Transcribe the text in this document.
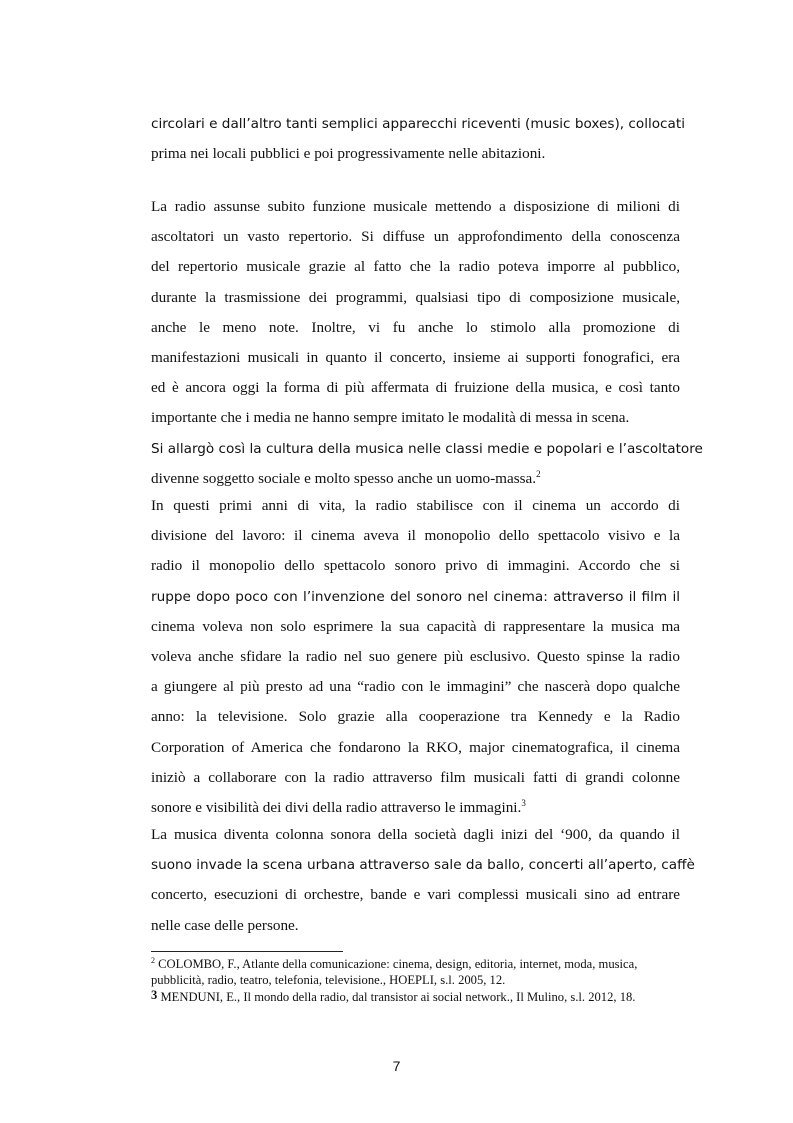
circolari e dall’altro tanti semplici apparecchi riceventi (music boxes), collocati
prima nei locali pubblici e poi progressivamente nelle abitazioni.
La radio assunse subito funzione musicale mettendo a disposizione di milioni di
ascoltatori un vasto repertorio. Si diffuse un approfondimento della conoscenza
del repertorio musicale grazie al fatto che la radio poteva imporre al pubblico,
durante la trasmissione dei programmi, qualsiasi tipo di composizione musicale,
anche le meno note. Inoltre, vi fu anche lo stimolo alla promozione di
manifestazioni musicali in quanto il concerto, insieme ai supporti fonografici, era
ed è ancora oggi la forma di più affermata di fruizione della musica, e così tanto
importante che i media ne hanno sempre imitato le modalità di messa in scena.
Si allargò così la cultura della musica nelle classi medie e popolari e l’ascoltatore
divenne soggetto sociale e molto spesso anche un uomo-massa.$^2$
In questi primi anni di vita, la radio stabilisce con il cinema un accordo di
divisione del lavoro: il cinema aveva il monopolio dello spettacolo visivo e la
radio il monopolio dello spettacolo sonoro privo di immagini. Accordo che si
ruppe dopo poco con l’invenzione del sonoro nel cinema: attraverso il film il
cinema voleva non solo esprimere la sua capacità di rappresentare la musica ma
voleva anche sfidare la radio nel suo genere più esclusivo. Questo spinse la radio
a giungere al più presto ad una “radio con le immagini” che nascerà dopo qualche
anno: la televisione. Solo grazie alla cooperazione tra Kennedy e la Radio
Corporation of America che fondarono la RKO, major cinematografica, il cinema
iniziò a collaborare con la radio attraverso film musicali fatti di grandi colonne
sonore e visibilità dei divi della radio attraverso le immagini.$^3$
La musica diventa colonna sonora della società dagli inizi del ‘900, da quando il
suono invade la scena urbana attraverso sale da ballo, concerti all’aperto, caffè
concerto, esecuzioni di orchestre, bande e vari complessi musicali sino ad entrare
nelle case delle persone.
$^2$ COLOMBO, F., Atlante della comunicazione: cinema, design, editoria, internet, moda, musica,
pubblicità, radio, teatro, telefonia, televisione., HOEPLI, s.l. 2005, 12.
3 MENDUNI, E., Il mondo della radio, dal transistor ai social network., Il Mulino, s.l. 2012, 18.
7
